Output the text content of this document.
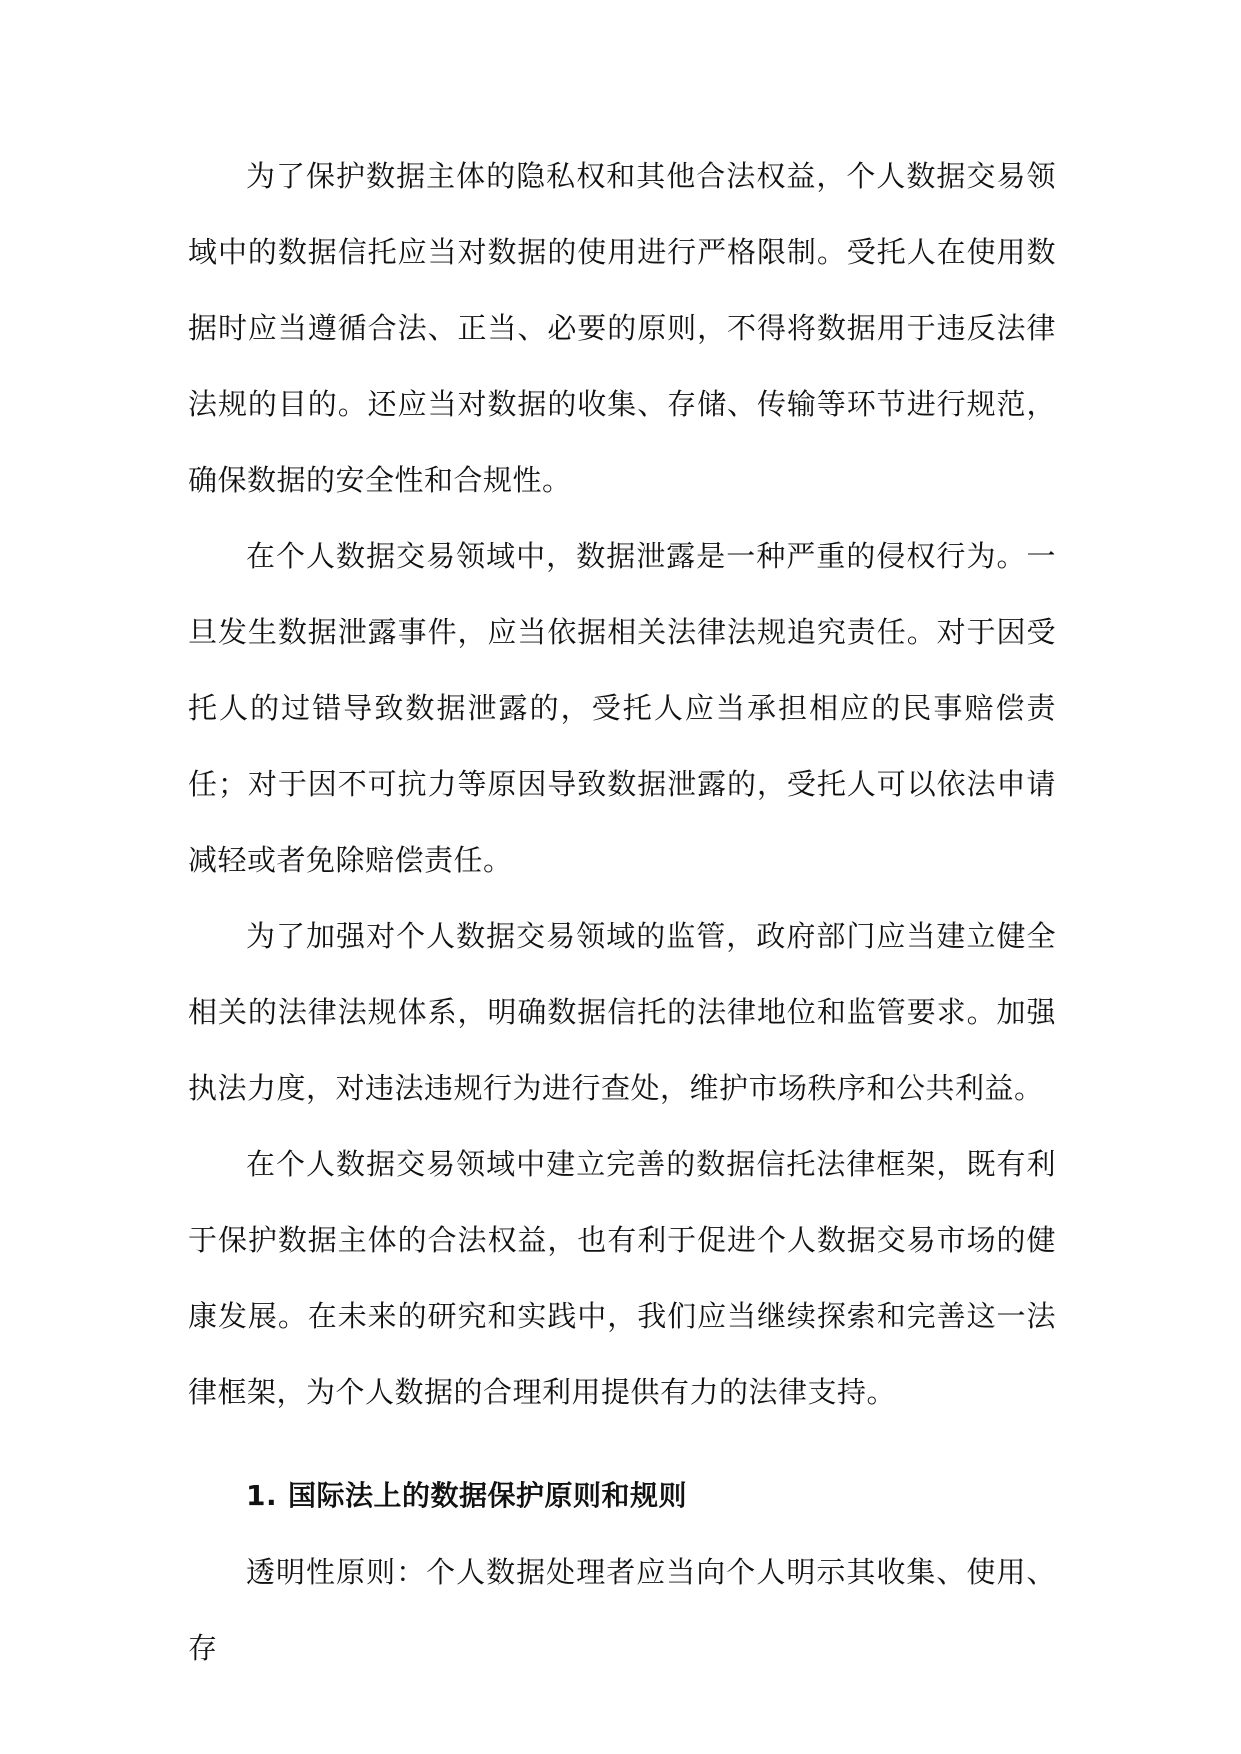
为了保护数据主体的隐私权和其他合法权益，个人数据交易领域中的数据信托应当对数据的使用进行严格限制。受托人在使用数据时应当遵循合法、正当、必要的原则，不得将数据用于违反法律法规的目的。还应当对数据的收集、存储、传输等环节进行规范，确保数据的安全性和合规性。

在个人数据交易领域中，数据泄露是一种严重的侵权行为。一旦发生数据泄露事件，应当依据相关法律法规追究责任。对于因受托人的过错导致数据泄露的，受托人应当承担相应的民事赔偿责任；对于因不可抗力等原因导致数据泄露的，受托人可以依法申请减轻或者免除赔偿责任。

为了加强对个人数据交易领域的监管，政府部门应当建立健全相关的法律法规体系，明确数据信托的法律地位和监管要求。加强执法力度，对违法违规行为进行查处，维护市场秩序和公共利益。

在个人数据交易领域中建立完善的数据信托法律框架，既有利于保护数据主体的合法权益，也有利于促进个人数据交易市场的健康发展。在未来的研究和实践中，我们应当继续探索和完善这一法律框架，为个人数据的合理利用提供有力的法律支持。

1. 国际法上的数据保护原则和规则

透明性原则：个人数据处理者应当向个人明示其收集、使用、存
